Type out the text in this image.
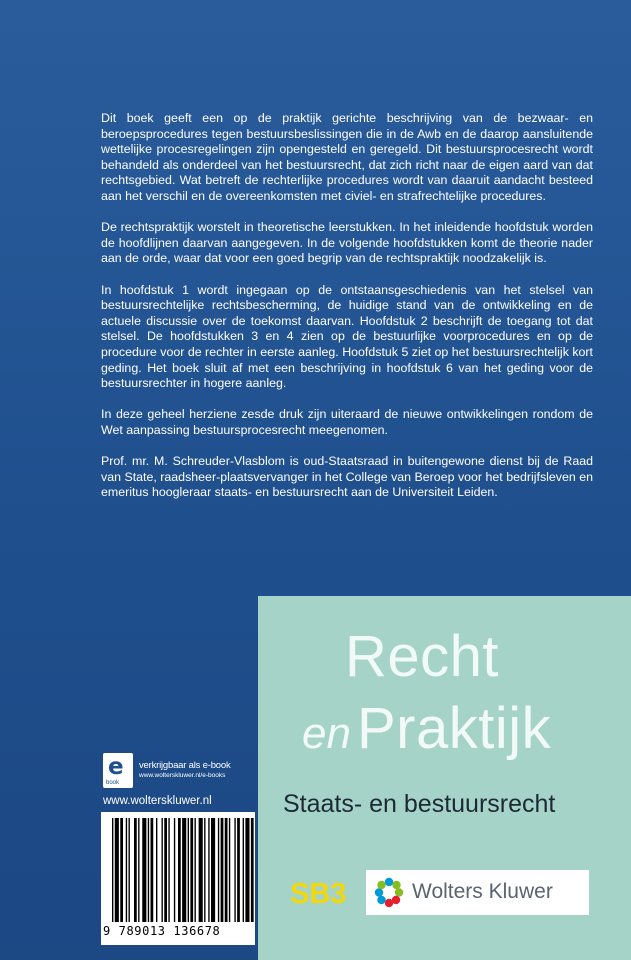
Dit boek geeft een op de praktijk gerichte beschrijving van de bezwaar- en beroepsprocedures tegen bestuursbeslissingen die in de Awb en de daarop aansluitende wettelijke procesregelingen zijn opengesteld en geregeld. Dit bestuursprocesrecht wordt behandeld als onderdeel van het bestuursrecht, dat zich richt naar de eigen aard van dat rechtsgebied. Wat betreft de rechterlijke procedures wordt van daaruit aandacht besteed aan het verschil en de overeenkomsten met civiel- en strafrechtelijke procedures.

De rechtspraktijk worstelt in theoretische leerstukken. In het inleidende hoofdstuk worden de hoofdlijnen daarvan aangegeven. In de volgende hoofdstukken komt de theorie nader aan de orde, waar dat voor een goed begrip van de rechtspraktijk noodzakelijk is.

In hoofdstuk 1 wordt ingegaan op de ontstaansgeschiedenis van het stelsel van bestuursrechtelijke rechtsbescherming, de huidige stand van de ontwikkeling en de actuele discussie over de toekomst daarvan. Hoofdstuk 2 beschrijft de toegang tot dat stelsel. De hoofdstukken 3 en 4 zien op de bestuurlijke voorprocedures en op de procedure voor de rechter in eerste aanleg. Hoofdstuk 5 ziet op het bestuursrechtelijk kort geding. Het boek sluit af met een beschrijving in hoofdstuk 6 van het geding voor de bestuursrechter in hogere aanleg.

In deze geheel herziene zesde druk zijn uiteraard de nieuwe ontwikkelingen rondom de Wet aanpassing bestuursprocesrecht meegenomen.

Prof. mr. M. Schreuder-Vlasblom is oud-Staatsraad in buitengewone dienst bij de Raad van State, raadsheer-plaatsvervanger in het College van Beroep voor het bedrijfsleven en emeritus hoogleraar staats- en bestuursrecht aan de Universiteit Leiden.

Recht
en Praktijk
Staats- en bestuursrecht
SB3	Wolters Kluwer
e
book
verkrijgbaar als e-book
www.wolterskluwer.nl/e-books
www.wolterskluwer.nl
9 789013 136678
